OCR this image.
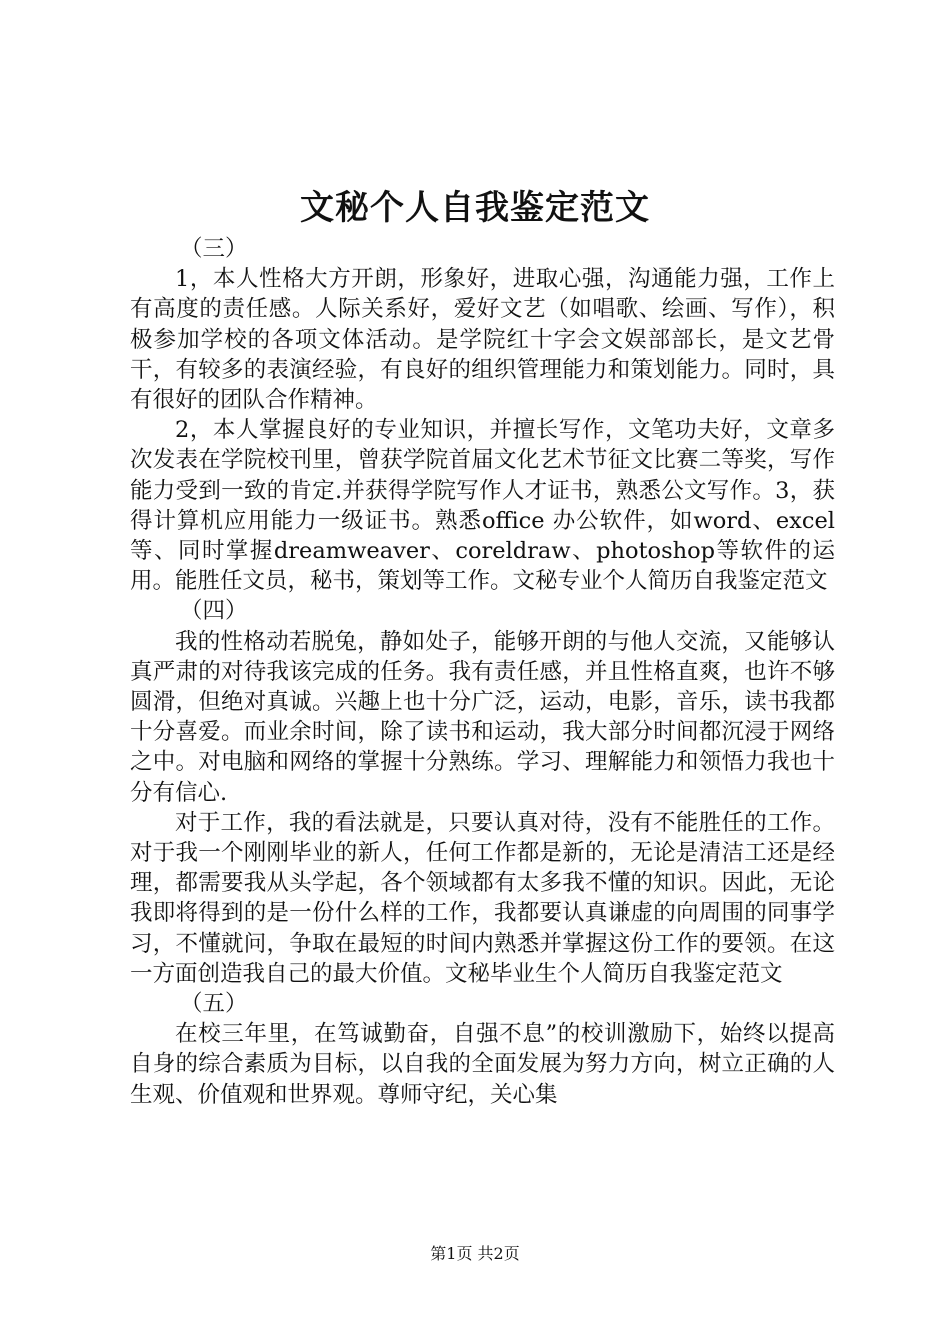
文秘个人自我鉴定范文

（三）

1，本人性格大方开朗，形象好，进取心强，沟通能力强，工作上有高度的责任感。人际关系好，爱好文艺（如唱歌、绘画、写作），积极参加学校的各项文体活动。是学院红十字会文娱部部长，是文艺骨干，有较多的表演经验，有良好的组织管理能力和策划能力。同时，具有很好的团队合作精神。

2，本人掌握良好的专业知识，并擅长写作，文笔功夫好，文章多次发表在学院校刊里，曾获学院首届文化艺术节征文比赛二等奖，写作能力受到一致的肯定.并获得学院写作人才证书，熟悉公文写作。3，获得计算机应用能力一级证书。熟悉office 办公软件，如word、excel等、同时掌握dreamweaver、coreldraw、photoshop等软件的运用。能胜任文员，秘书，策划等工作。文秘专业个人简历自我鉴定范文

（四）

我的性格动若脱兔，静如处子，能够开朗的与他人交流，又能够认真严肃的对待我该完成的任务。我有责任感，并且性格直爽，也许不够圆滑，但绝对真诚。兴趣上也十分广泛，运动，电影，音乐，读书我都十分喜爱。而业余时间，除了读书和运动，我大部分时间都沉浸于网络之中。对电脑和网络的掌握十分熟练。学习、理解能力和领悟力我也十分有信心.

对于工作，我的看法就是，只要认真对待，没有不能胜任的工作。对于我一个刚刚毕业的新人，任何工作都是新的，无论是清洁工还是经理，都需要我从头学起，各个领域都有太多我不懂的知识。因此，无论我即将得到的是一份什么样的工作，我都要认真谦虚的向周围的同事学习，不懂就问，争取在最短的时间内熟悉并掌握这份工作的要领。在这一方面创造我自己的最大价值。文秘毕业生个人简历自我鉴定范文

（五）

在校三年里，在笃诚勤奋，自强不息”的校训激励下，始终以提高自身的综合素质为目标，以自我的全面发展为努力方向，树立正确的人生观、价值观和世界观。尊师守纪，关心集

第1页 共2页
